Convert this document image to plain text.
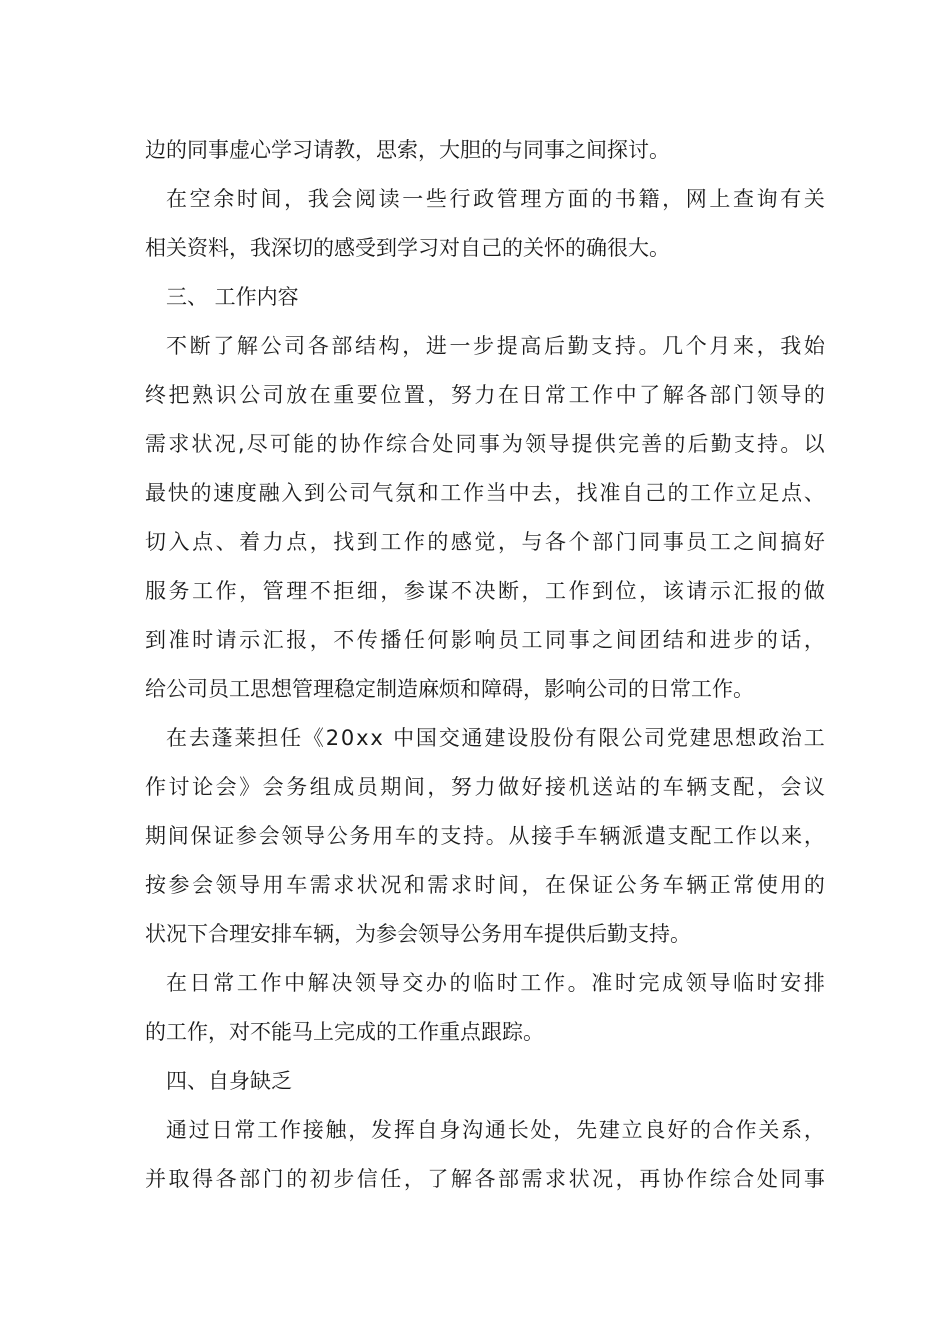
边的同事虚心学习请教，思索，大胆的与同事之间探讨。
在 空 余 时 间 ， 我 会 阅 读 一 些 行 政 管 理 方 面 的 书 籍 ， 网 上 查 询 有 关
相关资料，我深切的感受到学习对自己的关怀的确很大。
三、 工作内容
不 断 了 解 公 司 各 部 结 构 ， 进 一 步 提 高 后 勤 支 持 。 几 个 月 来 ， 我 始
终 把 熟 识 公 司 放 在 重 要 位 置 ， 努 力 在 日 常 工 作 中 了 解 各 部 门 领 导 的
需 求 状 况 , 尽 可 能 的 协 作 综 合 处 同 事 为 领 导 提 供 完 善 的 后 勤 支 持 。 以
最 快 的 速 度 融 入 到 公 司 气 氛 和 工 作 当 中 去 ， 找 准 自 己 的 工 作 立 足 点 、
切 入 点 、 着 力 点 ， 找 到 工 作 的 感 觉 ， 与 各 个 部 门 同 事 员 工 之 间 搞 好
服 务 工 作 ， 管 理 不 拒 细 ， 参 谋 不 决 断 ， 工 作 到 位 ， 该 请 示 汇 报 的 做
到 准 时 请 示 汇 报 ， 不 传 播 任 何 影 响 员 工 同 事 之 间 团 结 和 进 步 的 话 ，
给公司员工思想管理稳定制造麻烦和障碍，影响公司的日常工作。
在 去 蓬 莱 担 任 《 2 0 x x
中 国 交 通 建 设 股 份 有 限 公 司 党 建 思 想 政 治 工
作 讨 论 会 》 会 务 组 成 员 期 间 ， 努 力 做 好 接 机 送 站 的 车 辆 支 配 ， 会 议
期 间 保 证 参 会 领 导 公 务 用 车 的 支 持 。 从 接 手 车 辆 派 遣 支 配 工 作 以 来 ，
按 参 会 领 导 用 车 需 求 状 况 和 需 求 时 间 ， 在 保 证 公 务 车 辆 正 常 使 用 的
状况下合理安排车辆，为参会领导公务用车提供后勤支持。
在 日 常 工 作 中 解 决 领 导 交 办 的 临 时 工 作 。 准 时 完 成 领 导 临 时 安 排
的工作，对不能马上完成的工作重点跟踪。
四、自身缺乏
通 过 日 常 工 作 接 触 ， 发 挥 自 身 沟 通 长 处 ， 先 建 立 良 好 的 合 作 关 系 ，
并 取 得 各 部 门 的 初 步 信 任 ， 了 解 各 部 需 求 状 况 ， 再 协 作 综 合 处 同 事
